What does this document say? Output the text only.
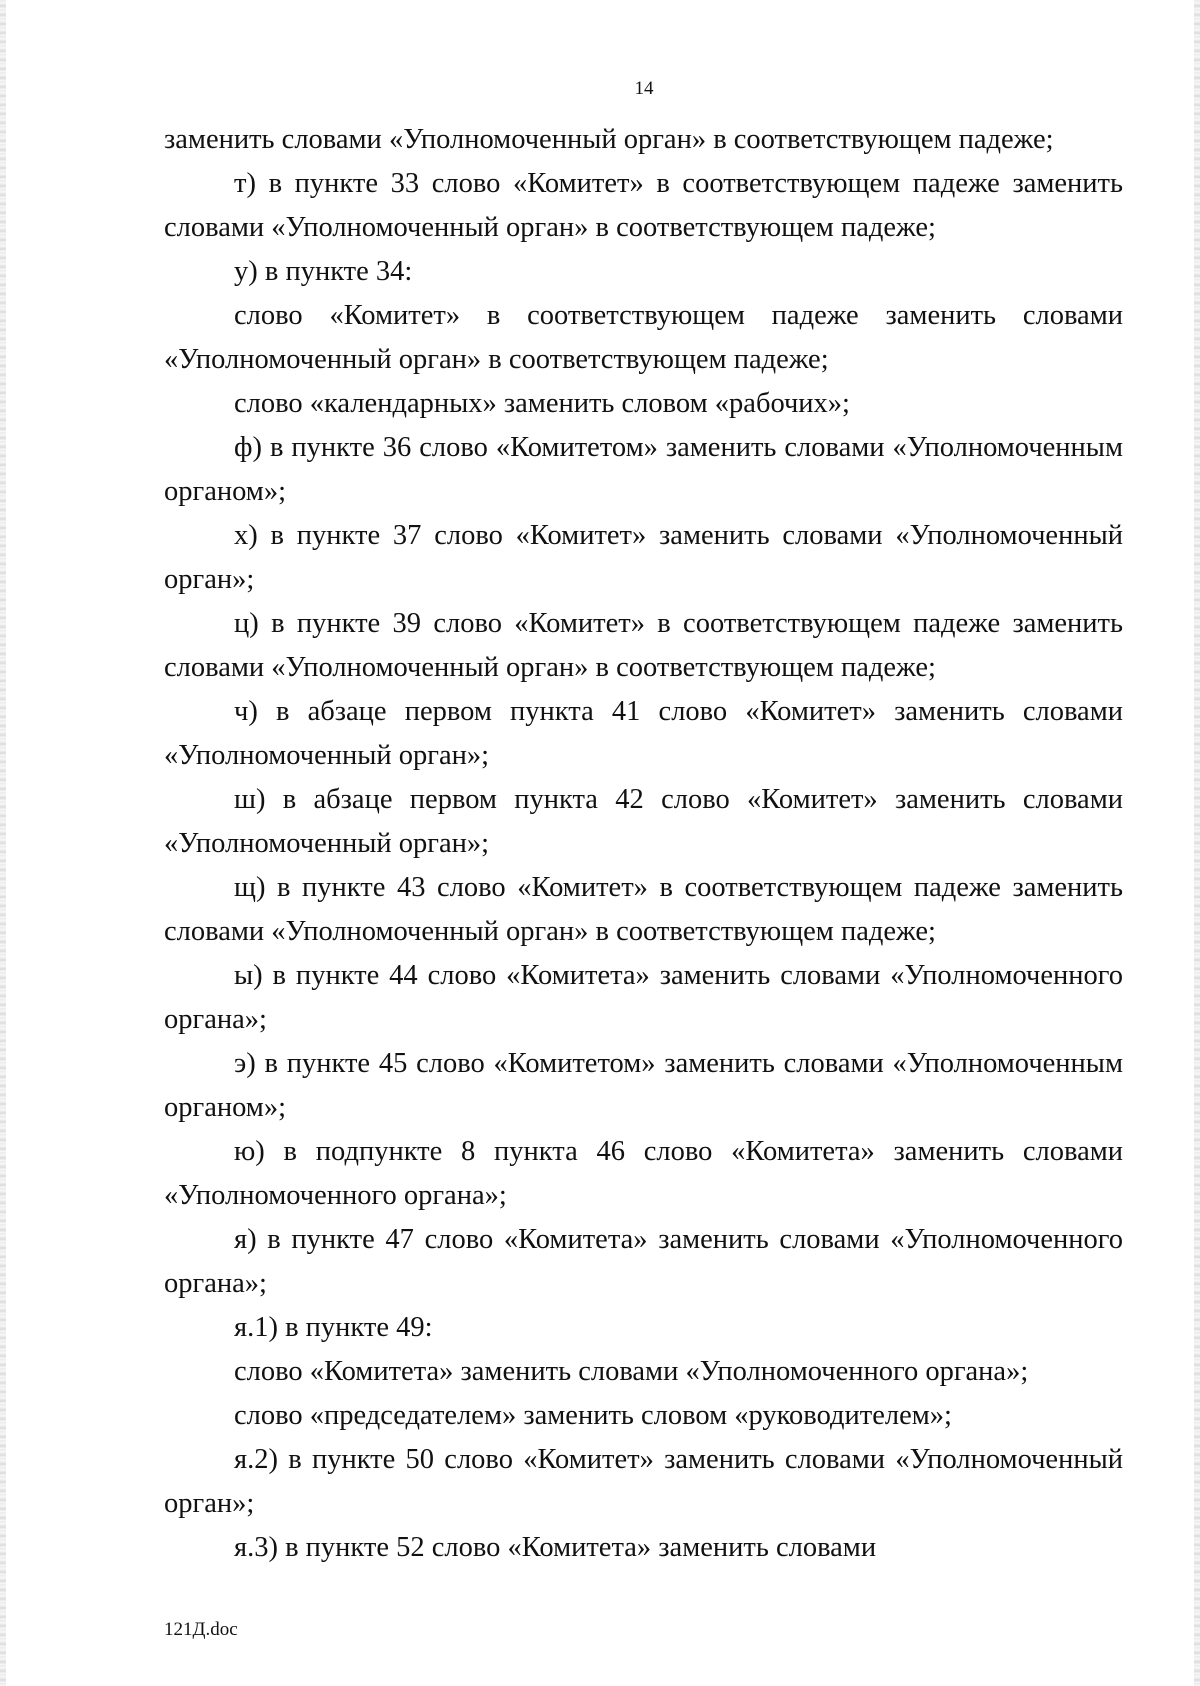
14

заменить словами «Уполномоченный орган» в соответствующем падеже;

т) в пункте 33 слово «Комитет» в соответствующем падеже заменить словами «Уполномоченный орган» в соответствующем падеже;

у) в пункте 34:

слово «Комитет» в соответствующем падеже заменить словами «Уполномоченный орган» в соответствующем падеже;

слово «календарных» заменить словом «рабочих»;

ф) в пункте 36 слово «Комитетом» заменить словами «Уполномоченным органом»;

х) в пункте 37 слово «Комитет» заменить словами «Уполномоченный орган»;

ц) в пункте 39 слово «Комитет» в соответствующем падеже заменить словами «Уполномоченный орган» в соответствующем падеже;

ч) в абзаце первом пункта 41 слово «Комитет» заменить словами «Уполномоченный орган»;

ш) в абзаце первом пункта 42 слово «Комитет» заменить словами «Уполномоченный орган»;

щ) в пункте 43 слово «Комитет» в соответствующем падеже заменить словами «Уполномоченный орган» в соответствующем падеже;

ы) в пункте 44 слово «Комитета» заменить словами «Уполномоченного органа»;

э) в пункте 45 слово «Комитетом» заменить словами «Уполномоченным органом»;

ю) в подпункте 8 пункта 46 слово «Комитета» заменить словами «Уполномоченного органа»;

я) в пункте 47 слово «Комитета» заменить словами «Уполномоченного органа»;

я.1) в пункте 49:

слово «Комитета» заменить словами «Уполномоченного органа»;

слово «председателем» заменить словом «руководителем»;

я.2) в пункте 50 слово «Комитет» заменить словами «Уполномоченный орган»;

я.3) в пункте 52 слово «Комитета» заменить словами

121Д.doc
